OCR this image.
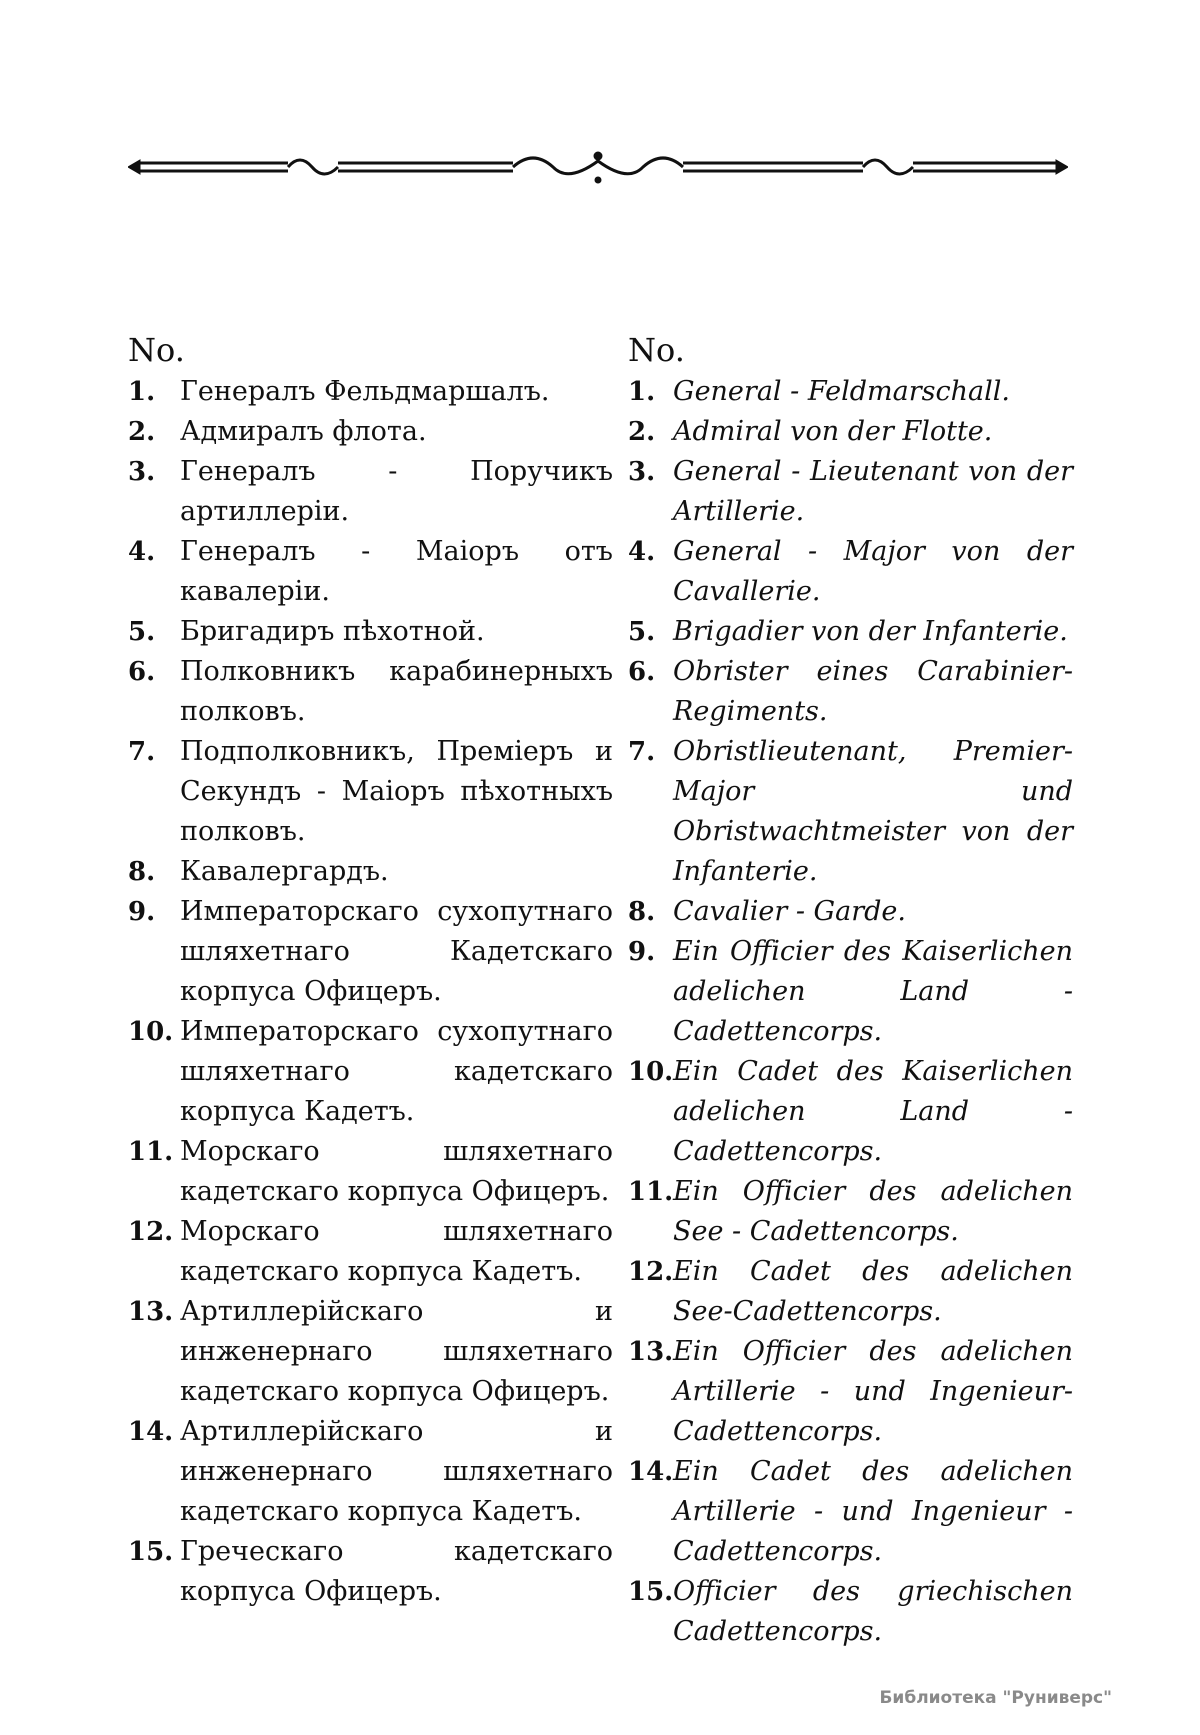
No.
1. Генералъ Фельдмаршалъ.
2. Адмиралъ флота.
3. Генералъ - Поручикъ артиллерiи.
4. Генералъ - Маiоръ отъ кавалерiи.
5. Бригадиръ пѣхотной.
6. Полковникъ карабинерныхъ полковъ.
7. Подполковникъ, Премiеръ и Секундъ - Маiоръ пѣхотныхъ полковъ.
8. Кавалергардъ.
9. Императорскаго сухопутнаго шляхетнаго Кадетскаго корпуса Офицеръ.
10. Императорскаго сухопутнаго шляхетнаго кадетскаго корпуса Кадетъ.
11. Морскаго шляхетнаго кадетскаго корпуса Офицеръ.
12. Морскаго шляхетнаго кадетскаго корпуса Кадетъ.
13. Артиллерiйскаго и инженернаго шляхетнаго кадетскаго корпуса Офицеръ.
14. Артиллерiйскаго и инженернаго шляхетнаго кадетскаго корпуса Кадетъ.
15. Греческаго кадетскаго корпуса Офицеръ.
No.
1. General - Feldmarschall.
2. Admiral von der Flotte.
3. General - Lieutenant von der Artillerie.
4. General - Major von der Cavallerie.
5. Brigadier von der Infanterie.
6. Obrister eines Carabinier-Regiments.
7. Obristlieutenant, Premier-Major und Obristwachtmeister von der Infanterie.
8. Cavalier - Garde.
9. Ein Officier des Kaiserlichen adelichen Land - Cadettencorps.
10. Ein Cadet des Kaiserlichen adelichen Land - Cadettencorps.
11. Ein Officier des adelichen See - Cadettencorps.
12. Ein Cadet des adelichen See-Cadettencorps.
13. Ein Officier des adelichen Artillerie - und Ingenieur-Cadettencorps.
14. Ein Cadet des adelichen Artillerie - und Ingenieur - Cadettencorps.
15. Officier des griechischen Cadettencorps.
Библиотека "Руниверс"
